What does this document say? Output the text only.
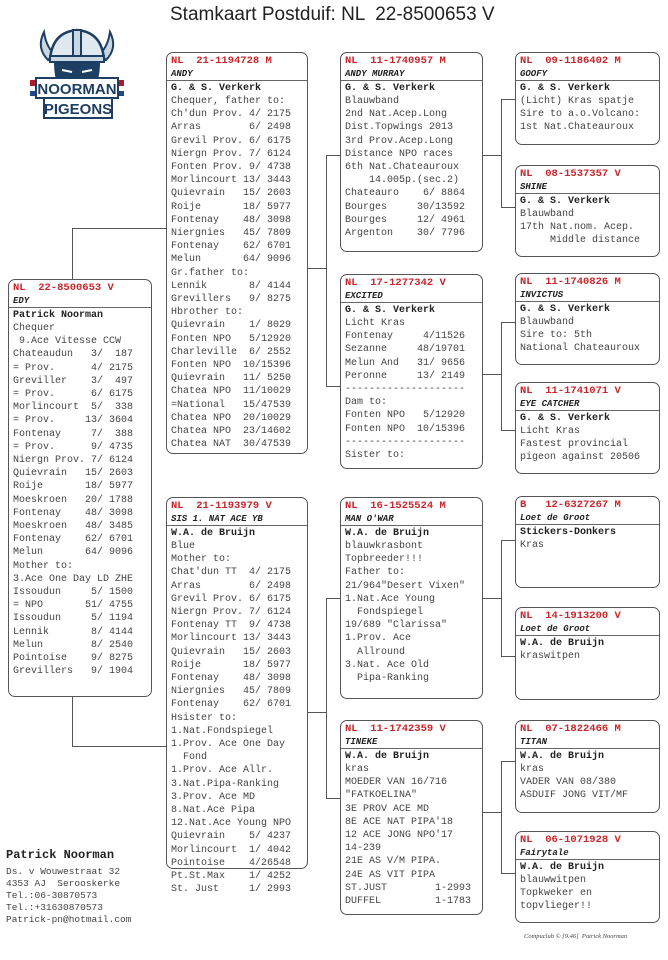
Stamkaart Postduif: NL  22-8500653 V
NOORMAN
PIGEONS
NL  22-8500653 V
EDY
Patrick Noorman
Chequer
9.Ace Vitesse CCW
Chateaudun   3/  187
= Prov.      4/ 2175
Greviller    3/  497
= Prov.      6/ 6175
Morlincourt  5/  338
= Prov.     13/ 3604
Fontenay     7/  388
= Prov.      9/ 4735
Niergn Prov. 7/ 6124
Quievrain   15/ 2603
Roije       18/ 5977
Moeskroen   20/ 1788
Fontenay    48/ 3098
Moeskroen   48/ 3485
Fontenay    62/ 6701
Melun       64/ 9096
Mother to:
3.Ace One Day LD ZHE
Issoudun     5/ 1500
= NPO       51/ 4755
Issoudun     5/ 1194
Lennik       8/ 4144
Melun        8/ 2540
Pointoise    9/ 8275
Grevillers   9/ 1904
NL  21-1194728 M
ANDY
G. & S. Verkerk
Chequer, father to:
Ch'dun Prov. 4/ 2175
Arras        6/ 2498
Grevil Prov. 6/ 6175
Niergn Prov. 7/ 6124
Fonten Prov. 9/ 4738
Morlincourt 13/ 3443
Quievrain   15/ 2603
Roije       18/ 5977
Fontenay    48/ 3098
Niergnies   45/ 7809
Fontenay    62/ 6701
Melun       64/ 9096
Gr.father to:
Lennik       8/ 4144
Grevillers   9/ 8275
Hbrother to:
Quievrain    1/ 8029
Fonten NPO   5/12920
Charleville  6/ 2552
Fonten NPO  10/15396
Quievrain   11/ 5250
Chatea NPO  11/10029
=National   15/47539
Chatea NPO  20/10029
Chatea NPO  23/14602
Chatea NAT  30/47539
NL  21-1193979 V
SIS 1. NAT ACE YB
W.A. de Bruijn
Blue
Mother to:
Chat'dun TT  4/ 2175
Arras        6/ 2498
Grevil Prov. 6/ 6175
Niergn Prov. 7/ 6124
Fontenay TT  9/ 4738
Morlincourt 13/ 3443
Quievrain   15/ 2603
Roije       18/ 5977
Fontenay    48/ 3098
Niergnies   45/ 7809
Fontenay    62/ 6701
Hsister to:
1.Nat.Fondspiegel
1.Prov. Ace One Day
Fond
1.Prov. Ace Allr.
3.Nat.Pipa-Ranking
3.Prov. Ace MD
8.Nat.Ace Pipa
12.Nat.Ace Young NPO
Quievrain    5/ 4237
Morlincourt  1/ 4042
Pointoise    4/26548
Pt.St.Max    1/ 4252
St. Just     1/ 2993
NL  11-1740957 M
ANDY MURRAY
G. & S. Verkerk
Blauwband
2nd Nat.Acep.Long
Dist.Topwings 2013
3rd Prov.Acep.Long
Distance NPO races
6th Nat.Chateauroux
14.005p.(sec.2)
Chateauro    6/ 8864
Bourges     30/13592
Bourges     12/ 4961
Argenton    30/ 7796
NL  17-1277342 V
EXCITED
G. & S. Verkerk
Licht Kras
Fontenay     4/11526
Sezanne     48/19701
Melun And   31/ 9656
Peronne     13/ 2149
--------------------
Dam to:
Fonten NPO   5/12920
Fonten NPO  10/15396
--------------------
Sister to:
NL  16-1525524 M
MAN O'WAR
W.A. de Bruijn
blauwkrasbont
Topbreeder!!!
Father to:
21/964"Desert Vixen"
1.Nat.Ace Young
Fondspiegel
19/689 "Clarissa"
1.Prov. Ace
Allround
3.Nat. Ace Old
Pipa-Ranking
NL  11-1742359 V
TINEKE
W.A. de Bruijn
kras
MOEDER VAN 16/716
"FATKOELINA"
3E PROV ACE MD
8E ACE NAT PIPA'18
12 ACE JONG NPO'17
14-239
21E AS V/M PIPA.
24E AS VIT PIPA
ST.JUST        1-2993
DUFFEL         1-1783
NL  09-1186402 M
GOOFY
G. & S. Verkerk
(Licht) Kras spatje
Sire to a.o.Volcano:
1st Nat.Chateauroux
NL  08-1537357 V
SHINE
G. & S. Verkerk
Blauwband
17th Nat.nom. Acep.
Middle distance
NL  11-1740826 M
INVICTUS
G. & S. Verkerk
Blauwband
Sire to: 5th
National Chateauroux
NL  11-1741071 V
EYE CATCHER
G. & S. Verkerk
Licht Kras
Fastest provincial
pigeon against 20506
B   12-6327267 M
Loet de Groot
Stickers-Donkers
Kras
NL  14-1913200 V
Loet de Groot
W.A. de Bruijn
kraswitpen
NL  07-1822466 M
TITAN
W.A. de Bruijn
kras
VADER VAN 08/380
ASDUIF JONG VIT/MF
NL  06-1071928 V
Fairytale
W.A. de Bruijn
blauwwitpen
Topkweker en
topvlieger!!
Patrick Noorman
Ds. v Wouwestraat 32
4353 AJ  Serooskerke
Tel.:06-30870573
Tel.:+31630870573
Patrick-pn@hotmail.com
Compuclub © [9.46]  Patrick Noorman
